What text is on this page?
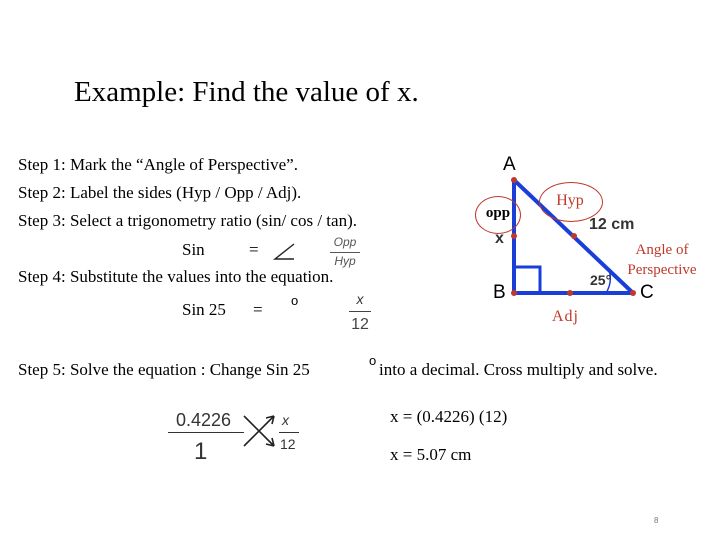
Example: Find the value of x.
Step 1: Mark the “Angle of Perspective”.
Step 2: Label the sides (Hyp / Opp / Adj).
Step 3: Select a trigonometry ratio (sin/ cos / tan).
Sin	=	Opp
Hyp
Step 4: Substitute the values into the equation.
Sin 25 = o	x
12
A
B	C
12 cm
25°
x
opp
Hyp
Adj
Angle of Perspective
Step 5: Solve the equation : Change Sin 25	o into a decimal. Cross multiply and solve.
0.4226
1
x
12
x = (0.4226) (12)
x = 5.07 cm
8
